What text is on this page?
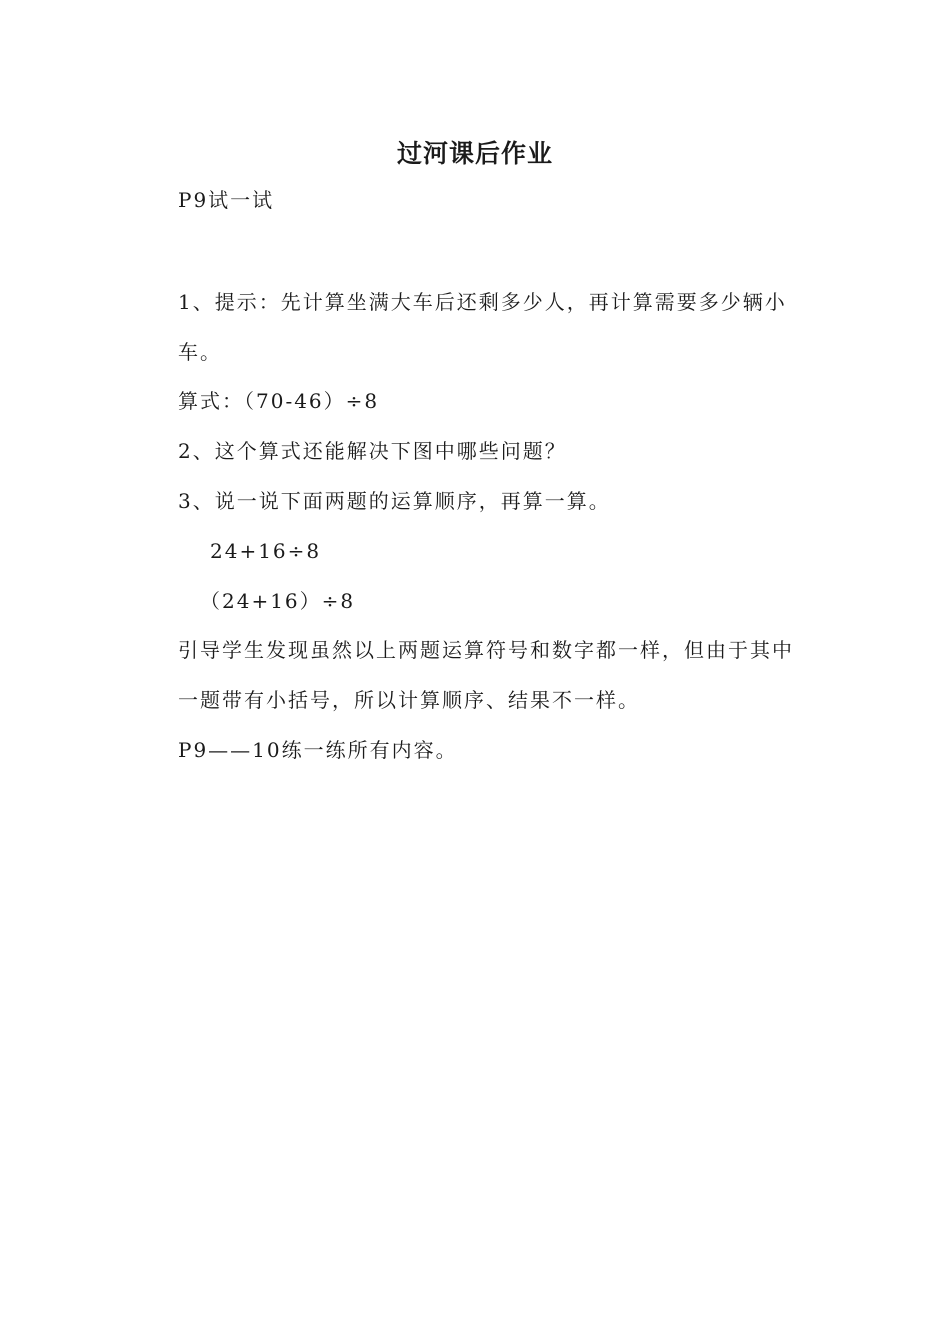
过河课后作业
P9试一试
1、提示：先计算坐满大车后还剩多少人，再计算需要多少辆小
车。
算式：（70-46）÷8
2、这个算式还能解决下图中哪些问题？
3、说一说下面两题的运算顺序，再算一算。
24+16÷8
（24+16）÷8
引导学生发现虽然以上两题运算符号和数字都一样，但由于其中
一题带有小括号，所以计算顺序、结果不一样。
P9——10练一练所有内容。
